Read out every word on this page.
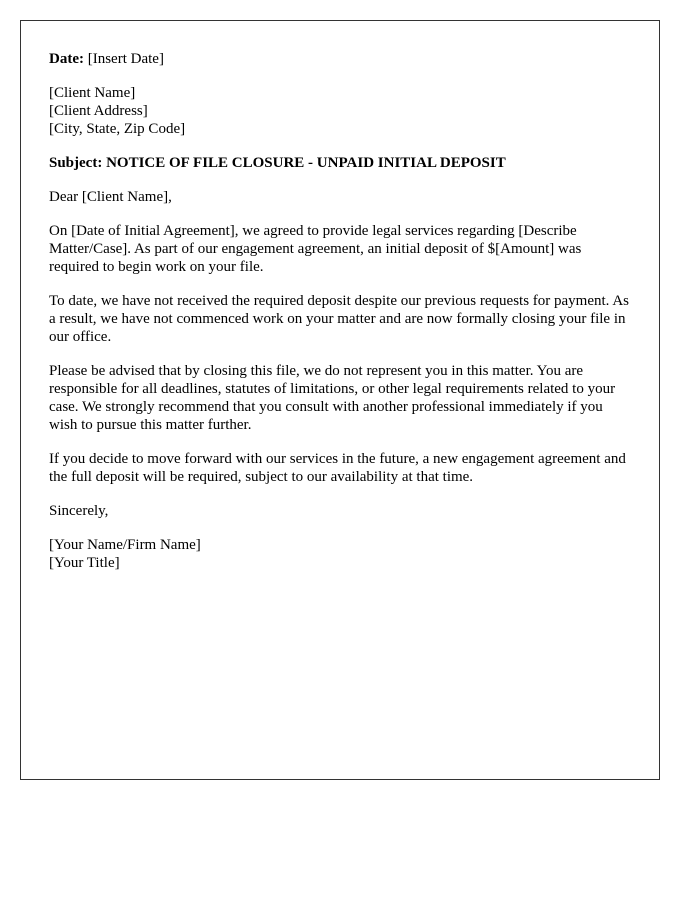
Date: [Insert Date]
[Client Name]
[Client Address]
[City, State, Zip Code]
Subject: NOTICE OF FILE CLOSURE - UNPAID INITIAL DEPOSIT
Dear [Client Name],
On [Date of Initial Agreement], we agreed to provide legal services regarding [Describe Matter/Case]. As part of our engagement agreement, an initial deposit of $[Amount] was required to begin work on your file.
To date, we have not received the required deposit despite our previous requests for payment. As a result, we have not commenced work on your matter and are now formally closing your file in our office.
Please be advised that by closing this file, we do not represent you in this matter. You are responsible for all deadlines, statutes of limitations, or other legal requirements related to your case. We strongly recommend that you consult with another professional immediately if you wish to pursue this matter further.
If you decide to move forward with our services in the future, a new engagement agreement and the full deposit will be required, subject to our availability at that time.
Sincerely,
[Your Name/Firm Name]
[Your Title]
